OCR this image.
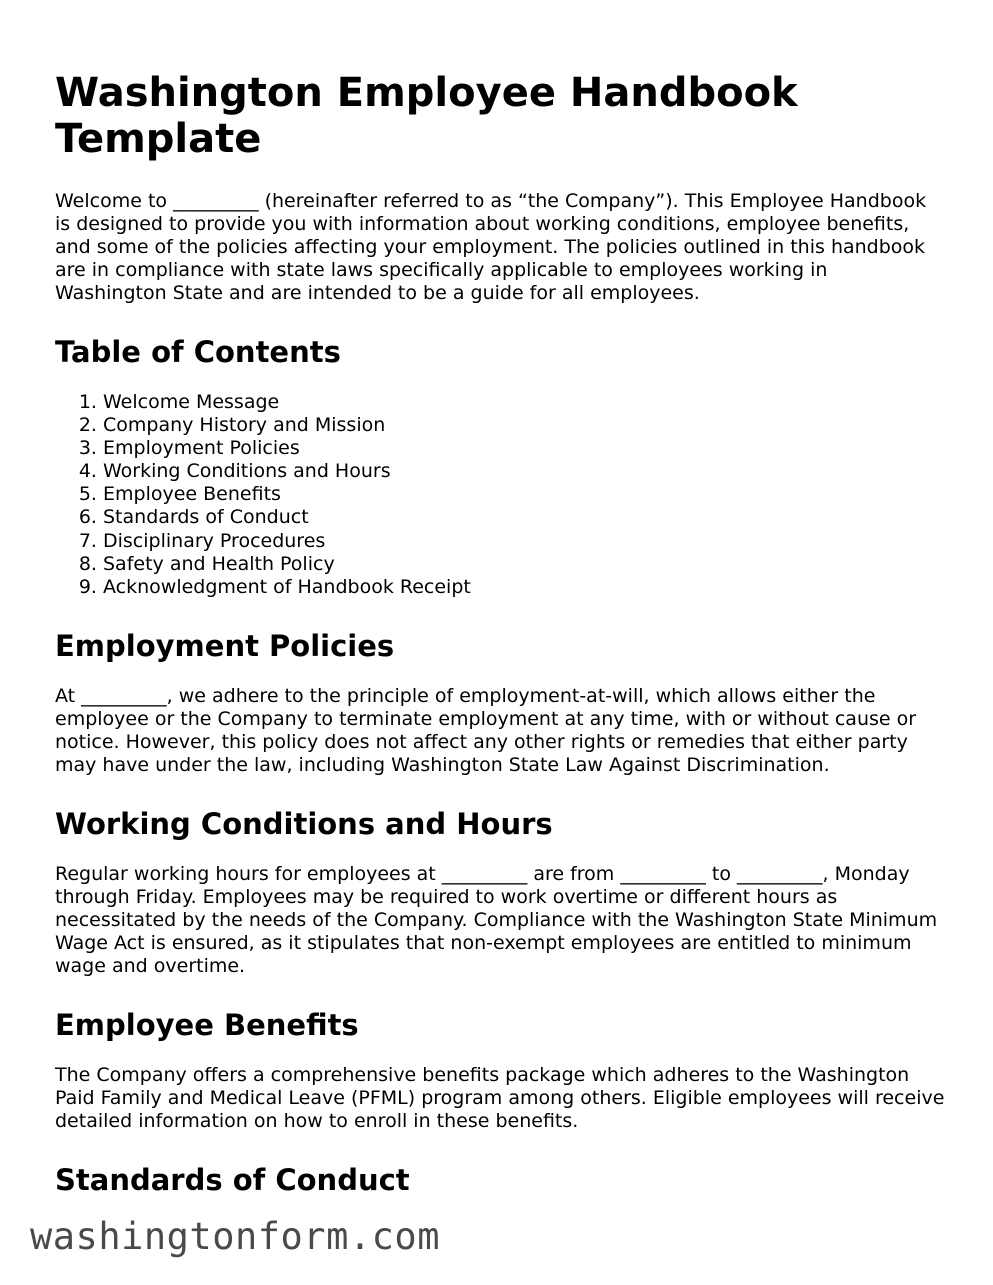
Washington Employee Handbook Template

Welcome to _________ (hereinafter referred to as “the Company”). This Employee Handbook is designed to provide you with information about working conditions, employee benefits, and some of the policies affecting your employment. The policies outlined in this handbook are in compliance with state laws specifically applicable to employees working in Washington State and are intended to be a guide for all employees.

Table of Contents
1. Welcome Message
2. Company History and Mission
3. Employment Policies
4. Working Conditions and Hours
5. Employee Benefits
6. Standards of Conduct
7. Disciplinary Procedures
8. Safety and Health Policy
9. Acknowledgment of Handbook Receipt
Employment Policies

At _________, we adhere to the principle of employment-at-will, which allows either the employee or the Company to terminate employment at any time, with or without cause or notice. However, this policy does not affect any other rights or remedies that either party may have under the law, including Washington State Law Against Discrimination.

Working Conditions and Hours

Regular working hours for employees at _________ are from _________ to _________, Monday through Friday. Employees may be required to work overtime or different hours as necessitated by the needs of the Company. Compliance with the Washington State Minimum Wage Act is ensured, as it stipulates that non-exempt employees are entitled to minimum wage and overtime.

Employee Benefits

The Company offers a comprehensive benefits package which adheres to the Washington Paid Family and Medical Leave (PFML) program among others. Eligible employees will receive detailed information on how to enroll in these benefits.

Standards of Conduct
washingtonform.com
